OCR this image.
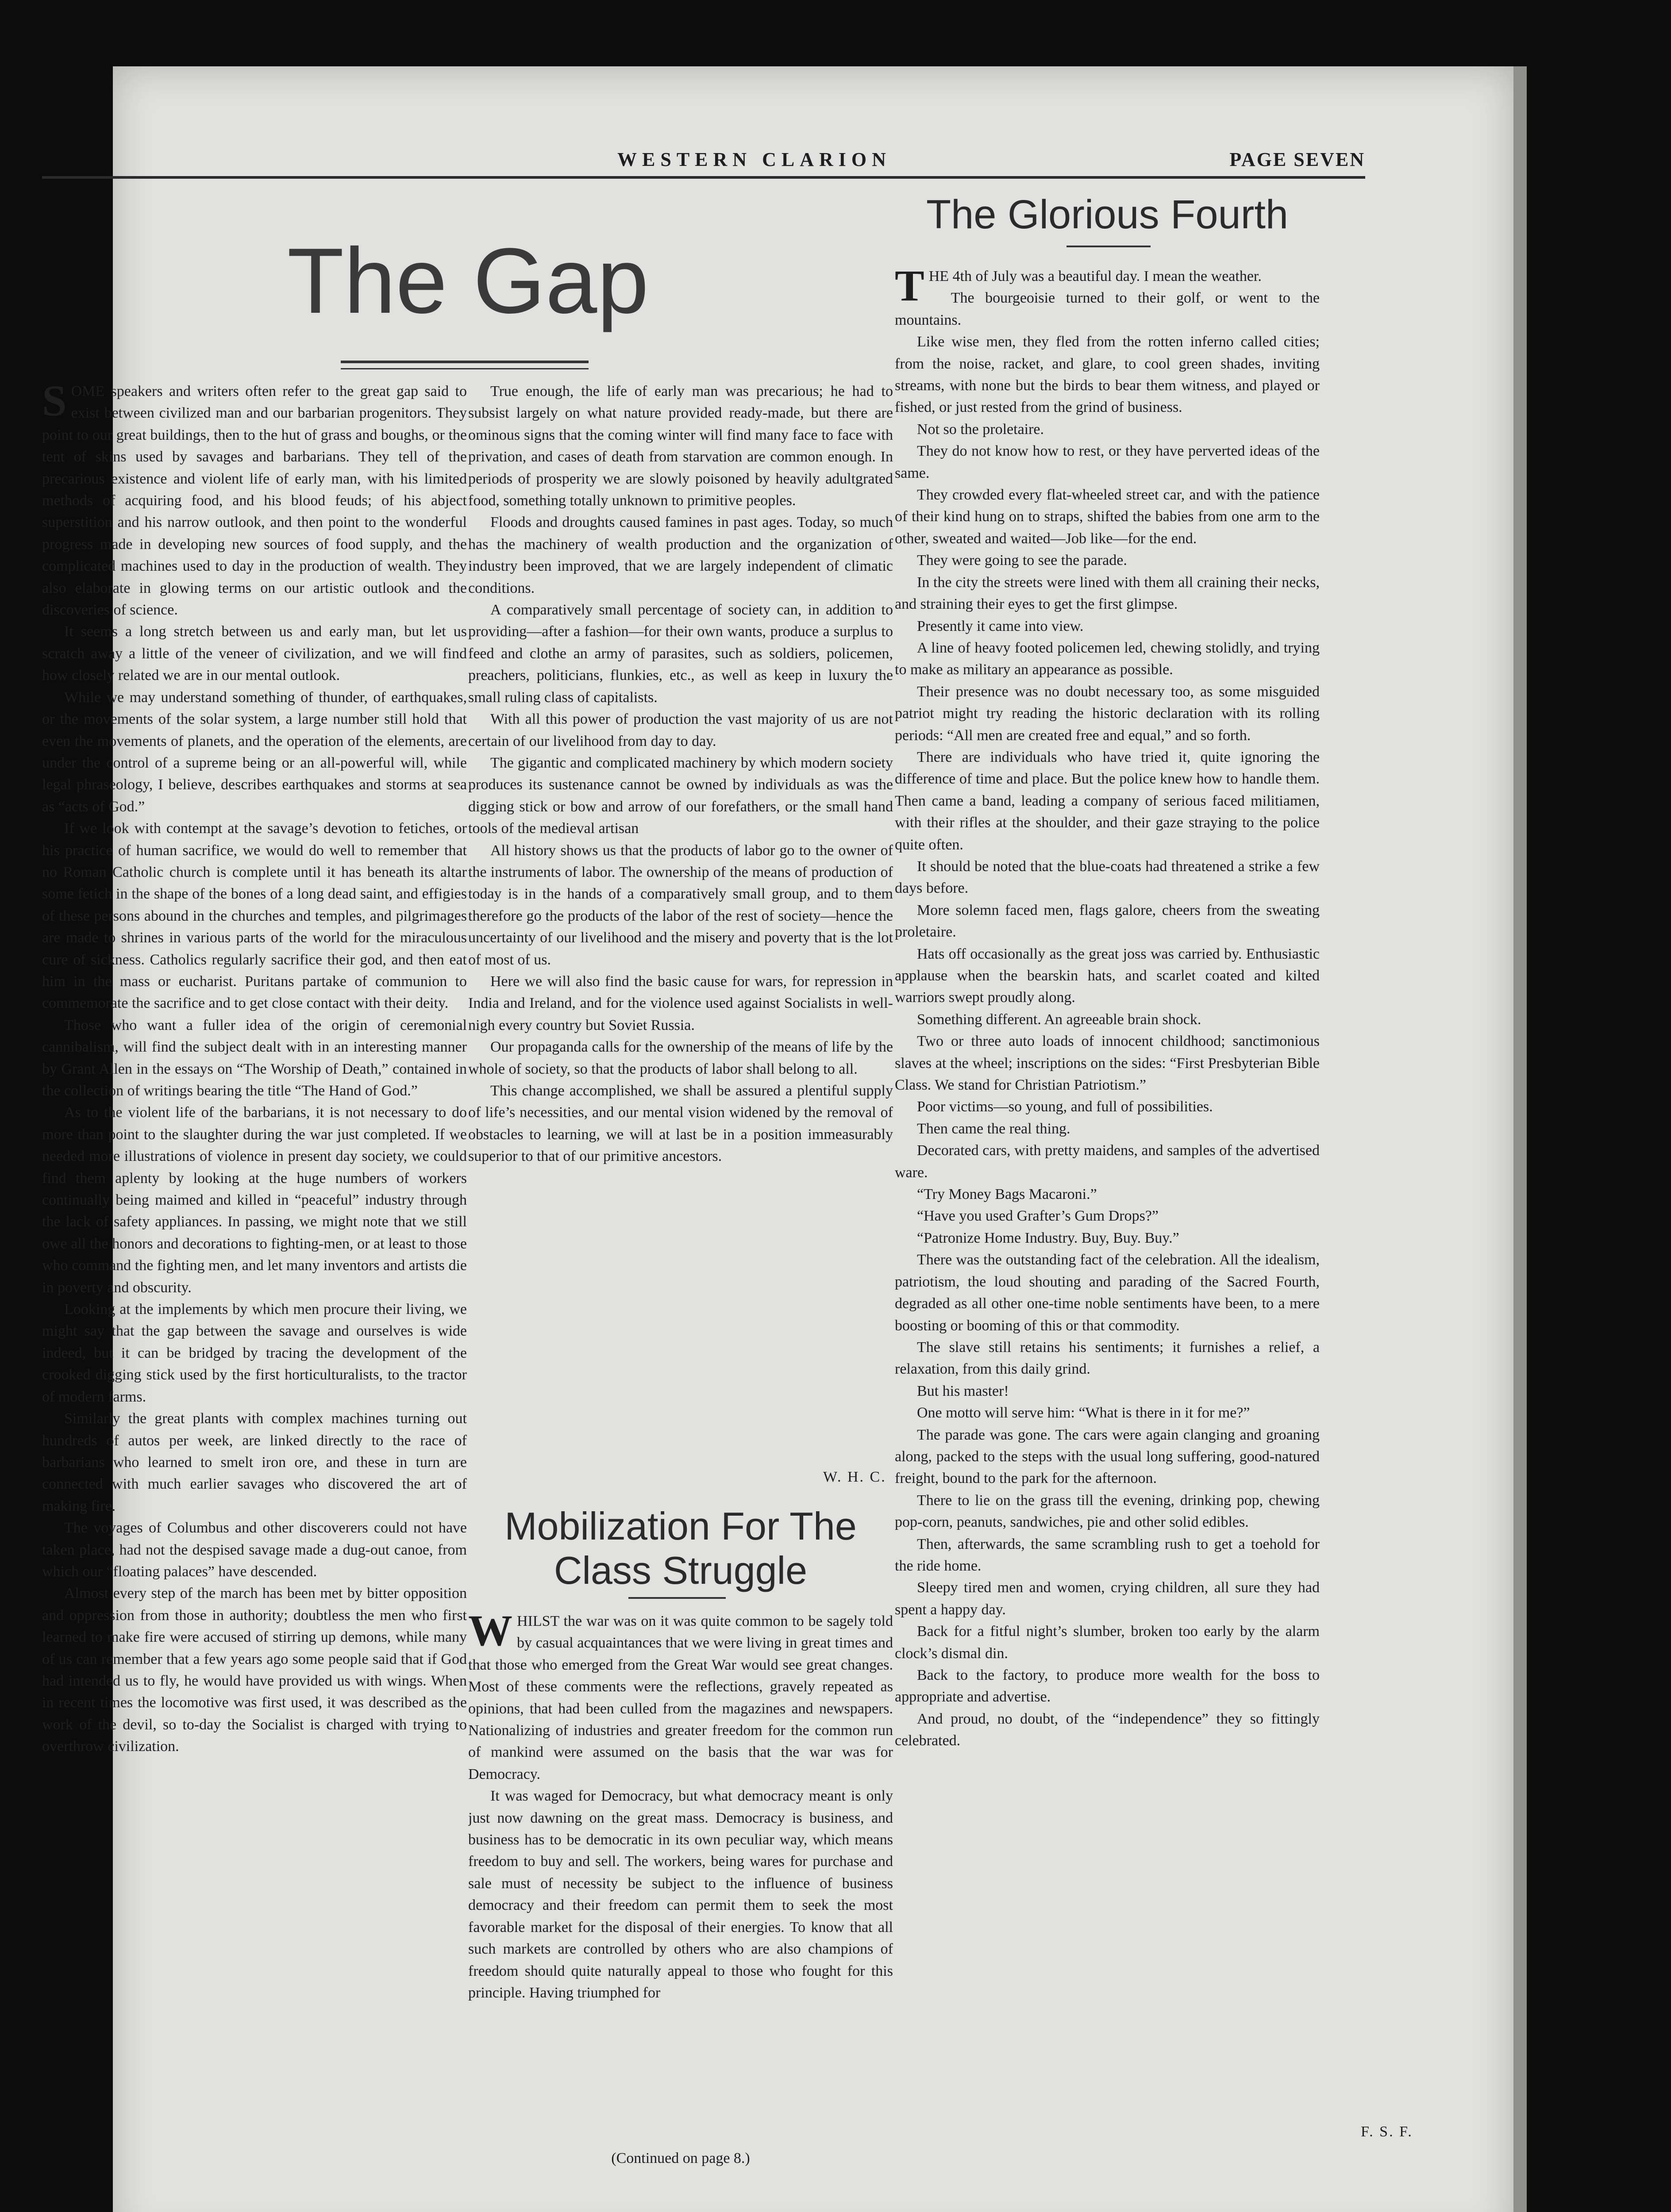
WESTERN CLARION	PAGE SEVEN
The Gap
The Glorious Fourth

SOME speakers and writers often refer to the great gap said to exist between civilized man and our barbarian progenitors. They point to our great buildings, then to the hut of grass and boughs, or the tent of skins used by savages and barbarians. They tell of the precarious existence and violent life of early man, with his limited methods of acquiring food, and his blood feuds; of his abject superstition and his narrow outlook, and then point to the wonderful progress made in developing new sources of food supply, and the complicated machines used to day in the production of wealth. They also elaborate in glowing terms on our artistic outlook and the discoveries of science.

It seems a long stretch between us and early man, but let us scratch away a little of the veneer of civilization, and we will find how closely related we are in our mental outlook.

While we may understand something of thunder, of earthquakes, or the movements of the solar system, a large number still hold that even the movements of planets, and the operation of the elements, are under the control of a supreme being or an all-powerful will, while legal phraseology, I believe, describes earthquakes and storms at sea as “acts of God.”

If we look with contempt at the savage’s devotion to fetiches, or his practice of human sacrifice, we would do well to remember that no Roman Catholic church is complete until it has beneath its altar some fetich in the shape of the bones of a long dead saint, and effigies of these persons abound in the churches and temples, and pilgrimages are made to shrines in various parts of the world for the miraculous cure of sickness. Catholics regularly sacrifice their god, and then eat him in the mass or eucharist. Puritans partake of communion to commemorate the sacrifice and to get close contact with their deity.

Those who want a fuller idea of the origin of ceremonial cannibalism, will find the subject dealt with in an interesting manner by Grant Allen in the essays on “The Worship of Death,” contained in the collection of writings bearing the title “The Hand of God.”

As to the violent life of the barbarians, it is not necessary to do more than point to the slaughter during the war just completed. If we needed more illustrations of violence in present day society, we could find them aplenty by looking at the huge numbers of workers continually being maimed and killed in “peaceful” industry through the lack of safety appliances. In passing, we might note that we still owe all the honors and decorations to fighting-men, or at least to those who command the fighting men, and let many inventors and artists die in poverty and obscurity.

Looking at the implements by which men procure their living, we might say that the gap between the savage and ourselves is wide indeed, but it can be bridged by tracing the development of the crooked digging stick used by the first horticulturalists, to the tractor of modern farms.

Similarly the great plants with complex machines turning out hundreds of autos per week, are linked directly to the race of barbarians who learned to smelt iron ore, and these in turn are connected with much earlier savages who discovered the art of making fire.

The voyages of Columbus and other discoverers could not have taken place, had not the despised savage made a dug-out canoe, from which our “floating palaces” have descended.

Almost every step of the march has been met by bitter opposition and oppression from those in authority; doubtless the men who first learned to make fire were accused of stirring up demons, while many of us can remember that a few years ago some people said that if God had intended us to fly, he would have provided us with wings. When in recent times the locomotive was first used, it was described as the work of the devil, so to-day the Socialist is charged with trying to overthrow civilization.

True enough, the life of early man was precarious; he had to subsist largely on what nature provided ready-made, but there are ominous signs that the coming winter will find many face to face with privation, and cases of death from starvation are common enough. In periods of prosperity we are slowly poisoned by heavily adultgrated food, something totally unknown to primitive peoples.

Floods and droughts caused famines in past ages. Today, so much has the machinery of wealth production and the organization of industry been improved, that we are largely independent of climatic conditions.

A comparatively small percentage of society can, in addition to providing—after a fashion—for their own wants, produce a surplus to feed and clothe an army of parasites, such as soldiers, policemen, preachers, politicians, flunkies, etc., as well as keep in luxury the small ruling class of capitalists.

With all this power of production the vast majority of us are not certain of our livelihood from day to day.

The gigantic and complicated machinery by which modern society produces its sustenance cannot be owned by individuals as was the digging stick or bow and arrow of our forefathers, or the small hand tools of the medieval artisan

All history shows us that the products of labor go to the owner of the instruments of labor. The ownership of the means of production of today is in the hands of a comparatively small group, and to them therefore go the products of the labor of the rest of society—hence the uncertainty of our livelihood and the misery and poverty that is the lot of most of us.

Here we will also find the basic cause for wars, for repression in India and Ireland, and for the violence used against Socialists in well-nigh every country but Soviet Russia.

Our propaganda calls for the ownership of the means of life by the whole of society, so that the products of labor shall belong to all.

This change accomplished, we shall be assured a plentiful supply of life’s necessities, and our mental vision widened by the removal of obstacles to learning, we will at last be in a position immeasurably superior to that of our primitive ancestors.

W. H. C.
Mobilization For The Class Struggle

WHILST the war was on it was quite common to be sagely told by casual acquaintances that we were living in great times and that those who emerged from the Great War would see great changes. Most of these comments were the reflections, gravely repeated as opinions, that had been culled from the magazines and newspapers. Nationalizing of industries and greater freedom for the common run of mankind were assumed on the basis that the war was for Democracy.

It was waged for Democracy, but what democracy meant is only just now dawning on the great mass. Democracy is business, and business has to be democratic in its own peculiar way, which means freedom to buy and sell. The workers, being wares for purchase and sale must of necessity be subject to the influence of business democracy and their freedom can permit them to seek the most favorable market for the disposal of their energies. To know that all such markets are controlled by others who are also champions of freedom should quite naturally appeal to those who fought for this principle. Having triumphed for

(Continued on page 8.)

THE 4th of July was a beautiful day. I mean the weather.

The bourgeoisie turned to their golf, or went to the mountains.

Like wise men, they fled from the rotten inferno called cities; from the noise, racket, and glare, to cool green shades, inviting streams, with none but the birds to bear them witness, and played or fished, or just rested from the grind of business.

Not so the proletaire.

They do not know how to rest, or they have perverted ideas of the same.

They crowded every flat-wheeled street car, and with the patience of their kind hung on to straps, shifted the babies from one arm to the other, sweated and waited—Job like—for the end.

They were going to see the parade.

In the city the streets were lined with them all craining their necks, and straining their eyes to get the first glimpse.

Presently it came into view.

A line of heavy footed policemen led, chewing stolidly, and trying to make as military an appearance as possible.

Their presence was no doubt necessary too, as some misguided patriot might try reading the historic declaration with its rolling periods: “All men are created free and equal,” and so forth.

There are individuals who have tried it, quite ignoring the difference of time and place. But the police knew how to handle them. Then came a band, leading a company of serious faced militiamen, with their rifles at the shoulder, and their gaze straying to the police quite often.

It should be noted that the blue-coats had threatened a strike a few days before.

More solemn faced men, flags galore, cheers from the sweating proletaire.

Hats off occasionally as the great joss was carried by. Enthusiastic applause when the bearskin hats, and scarlet coated and kilted warriors swept proudly along.

Something different. An agreeable brain shock.

Two or three auto loads of innocent childhood; sanctimonious slaves at the wheel; inscriptions on the sides: “First Presbyterian Bible Class. We stand for Christian Patriotism.”

Poor victims—so young, and full of possibilities.

Then came the real thing.

Decorated cars, with pretty maidens, and samples of the advertised ware.

“Try Money Bags Macaroni.”

“Have you used Grafter’s Gum Drops?”

“Patronize Home Industry. Buy, Buy. Buy.”

There was the outstanding fact of the celebration. All the idealism, patriotism, the loud shouting and parading of the Sacred Fourth, degraded as all other one-time noble sentiments have been, to a mere boosting or booming of this or that commodity.

The slave still retains his sentiments; it furnishes a relief, a relaxation, from this daily grind.

But his master!

One motto will serve him: “What is there in it for me?”

The parade was gone. The cars were again clanging and groaning along, packed to the steps with the usual long suffering, good-natured freight, bound to the park for the afternoon.

There to lie on the grass till the evening, drinking pop, chewing pop-corn, peanuts, sandwiches, pie and other solid edibles.

Then, afterwards, the same scrambling rush to get a toehold for the ride home.

Sleepy tired men and women, crying children, all sure they had spent a happy day.

Back for a fitful night’s slumber, broken too early by the alarm clock’s dismal din.

Back to the factory, to produce more wealth for the boss to appropriate and advertise.

And proud, no doubt, of the “independence” they so fittingly celebrated.

F. S. F.
